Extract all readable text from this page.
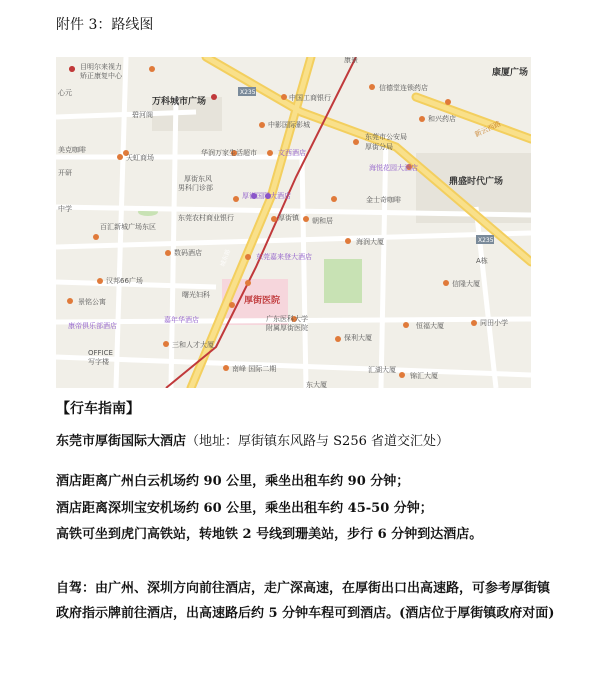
附件 3：路线图
X235
X235
城东路
康景
康厦广场
目明尔来视力
矫正康复中心
心元
万科城市广场	中国工商银行
信德堂连锁药店
碧河阁
中影国际影城
东莞市公安局
厚街分局
和兴药店
新云西路
美克咖啡	华润万家生活超市	文西酒店
海悦花园大酒店
天虹商场
厚街东风
男科门诊部
鼎盛时代广场
开研
厚街国际大酒店	金士奇咖啡
中学
东莞农村商业银行	厚街镇 朝和居
百汇新城广场东区
海润大厦
数码酒店	东莞嘉来登大酒店	A栋
汉邦66广场
景铭公寓
曙光妇科
厚街医院
信隆大厦
康帝俱乐部酒店
嘉年华酒店	广东医科大学
附属厚街医院	恒福大厦	同田小学
三和人才大厦
保利大厦
OFFICE
写字楼
南峰 国际二期	汇湖大厦
锦汇大厦
东大厦
【行车指南】
东莞市厚街国际大酒店（地址：厚街镇东风路与 S256 省道交汇处）
酒店距离广州白云机场约 90 公里，乘坐出租车约 90 分钟；
酒店距离深圳宝安机场约 60 公里，乘坐出租车约 45-50 分钟；
高铁可坐到虎门高铁站，转地铁 2 号线到珊美站，步行 6 分钟到达酒店。
自驾：由广州、深圳方向前往酒店，走广深高速，在厚街出口出高速路，可参考厚街镇政府指示牌前往酒店，出高速路后约 5 分钟车程可到酒店。(酒店位于厚街镇政府对面)
